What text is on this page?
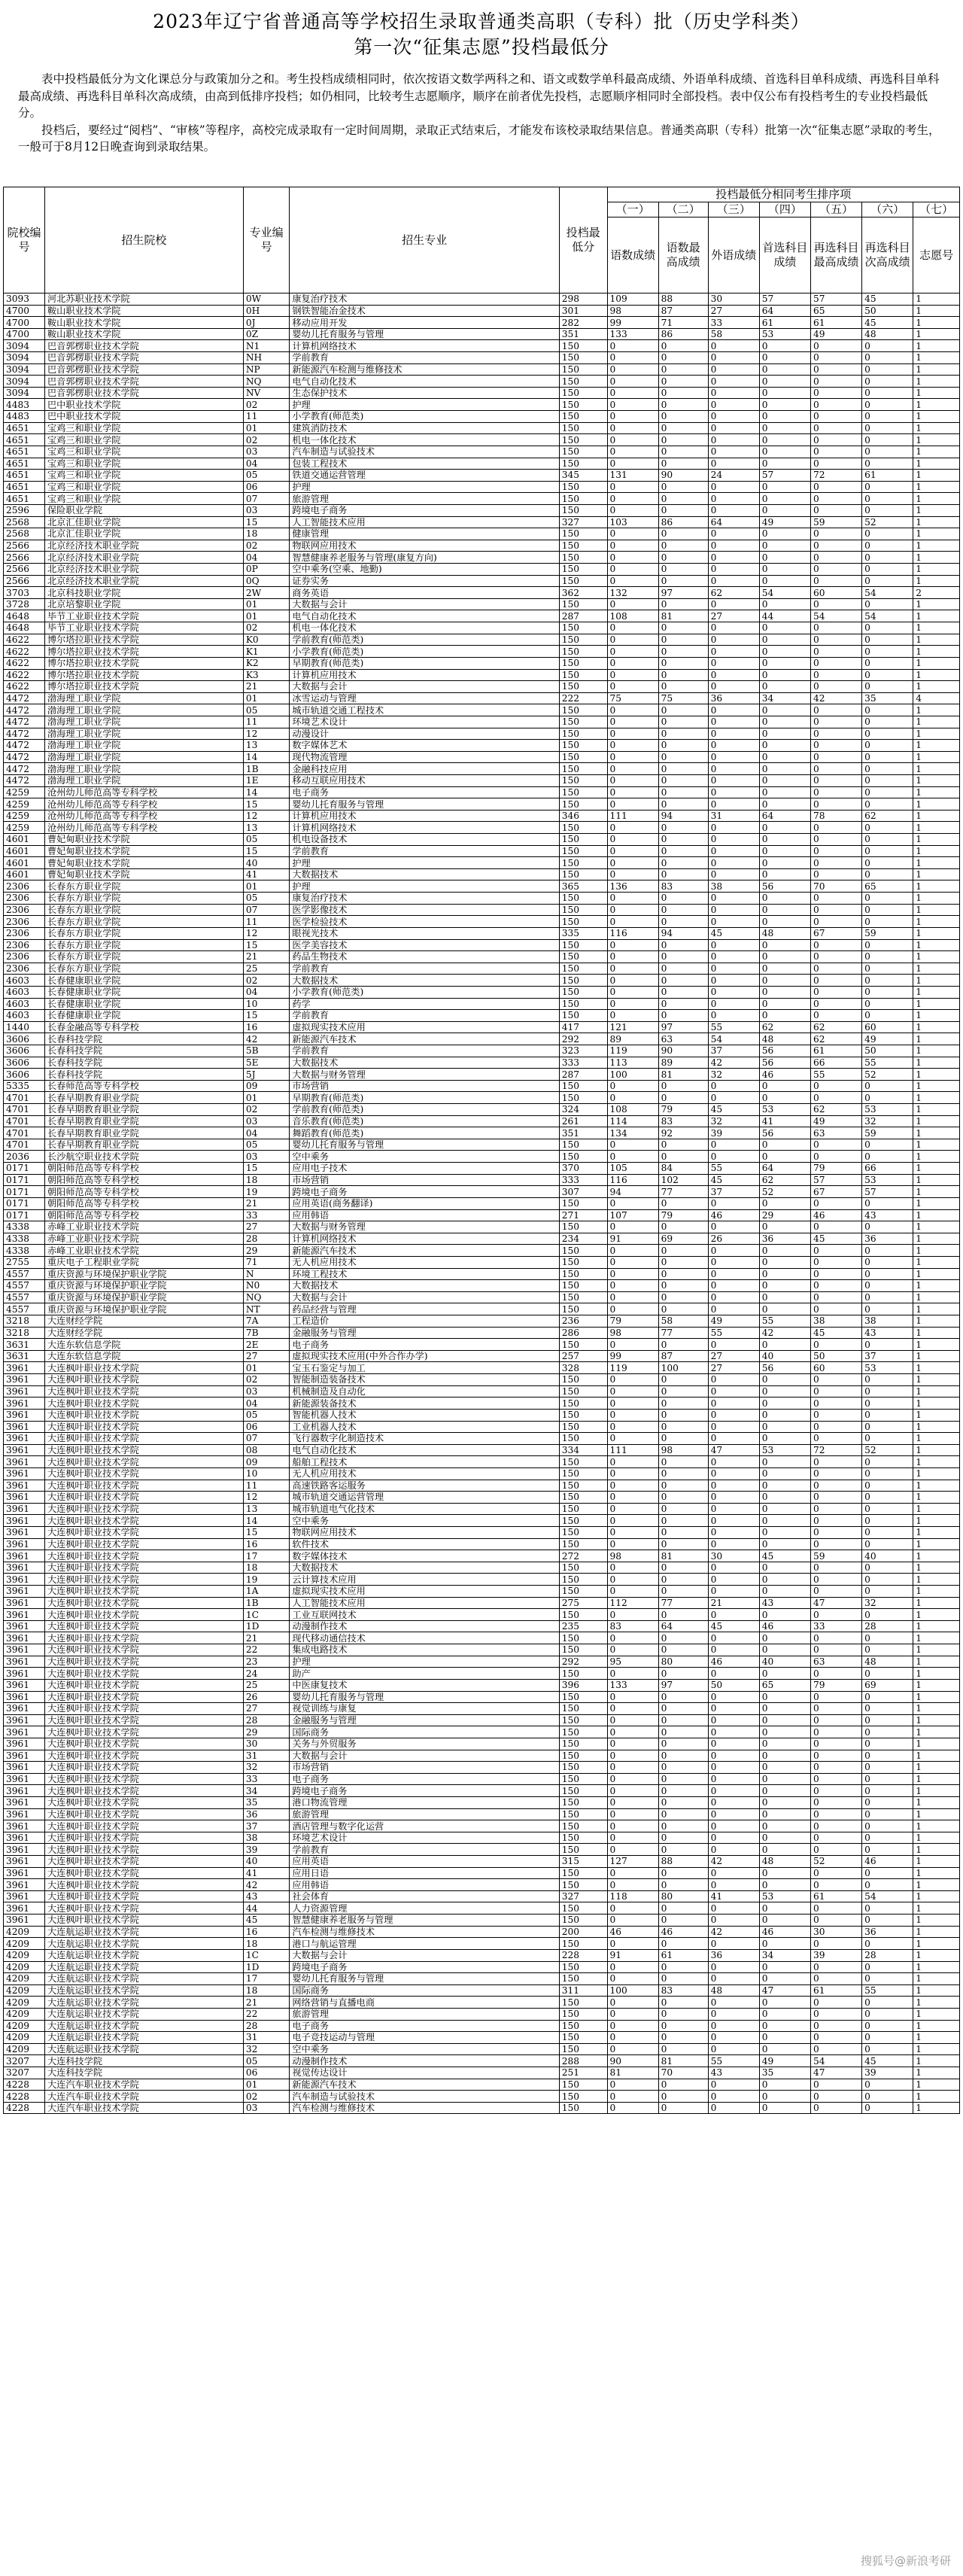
2023年辽宁省普通高等学校招生录取普通类高职（专科）批（历史学科类）
第一次“征集志愿”投档最低分

表中投档最低分为文化课总分与政策加分之和。考生投档成绩相同时，依次按语文数学两科之和、语文或数学单科最高成绩、外语单科成绩、首选科目单科成绩、再选科目单科最高成绩、再选科目单科次高成绩，由高到低排序投档；如仍相同，比较考生志愿顺序，顺序在前者优先投档，志愿顺序相同时全部投档。表中仅公布有投档考生的专业投档最低分。

投档后，要经过“阅档”、“审核”等程序，高校完成录取有一定时间周期，录取正式结束后，才能发布该校录取结果信息。普通类高职（专科）批第一次“征集志愿”录取的考生，一般可于8月12日晚查询到录取结果。

院校编号	招生院校	专业编号	招生专业	投档最低分	投档最低分相同考生排序项						
					（一）	（二）	（三）	（四）	（五）	（六）	（七）
					语数成绩	语数最高成绩	外语成绩	首选科目成绩	再选科目最高成绩	再选科目次高成绩	志愿号
3093	河北苏职业技术学院	0W	康复治疗技术	298	109	88	30	57	57	45	1
4700	鞍山职业技术学院	0H	钢铁智能冶金技术	301	98	87	27	64	65	50	1
4700	鞍山职业技术学院	0J	移动应用开发	282	99	71	33	61	61	45	1
4700	鞍山职业技术学院	0Z	婴幼儿托育服务与管理	351	133	86	58	53	49	48	1
3094	巴音郭楞职业技术学院	N1	计算机网络技术	150	0	0	0	0	0	0	1
3094	巴音郭楞职业技术学院	NH	学前教育	150	0	0	0	0	0	0	1
3094	巴音郭楞职业技术学院	NP	新能源汽车检测与维修技术	150	0	0	0	0	0	0	1
3094	巴音郭楞职业技术学院	NQ	电气自动化技术	150	0	0	0	0	0	0	1
3094	巴音郭楞职业技术学院	NV	生态保护技术	150	0	0	0	0	0	0	1
4483	巴中职业技术学院	02	护理	150	0	0	0	0	0	0	1
4483	巴中职业技术学院	11	小学教育(师范类)	150	0	0	0	0	0	0	1
4651	宝鸡三和职业学院	01	建筑消防技术	150	0	0	0	0	0	0	1
4651	宝鸡三和职业学院	02	机电一体化技术	150	0	0	0	0	0	0	1
4651	宝鸡三和职业学院	03	汽车制造与试验技术	150	0	0	0	0	0	0	1
4651	宝鸡三和职业学院	04	包装工程技术	150	0	0	0	0	0	0	1
4651	宝鸡三和职业学院	05	铁道交通运营管理	345	131	90	24	57	72	61	1
4651	宝鸡三和职业学院	06	护理	150	0	0	0	0	0	0	1
4651	宝鸡三和职业学院	07	旅游管理	150	0	0	0	0	0	0	1
2596	保险职业学院	03	跨境电子商务	150	0	0	0	0	0	0	1
2568	北京汇佳职业学院	15	人工智能技术应用	327	103	86	64	49	59	52	1
2568	北京汇佳职业学院	18	健康管理	150	0	0	0	0	0	0	1
2566	北京经济技术职业学院	02	物联网应用技术	150	0	0	0	0	0	0	1
2566	北京经济技术职业学院	04	智慧健康养老服务与管理(康复方向)	150	0	0	0	0	0	0	1
2566	北京经济技术职业学院	0P	空中乘务(空乘、地勤)	150	0	0	0	0	0	0	1
2566	北京经济技术职业学院	0Q	证券实务	150	0	0	0	0	0	0	1
3703	北京科技职业学院	2W	商务英语	362	132	97	62	54	60	54	2
3728	北京培黎职业学院	01	大数据与会计	150	0	0	0	0	0	0	1
4648	毕节工业职业技术学院	01	电气自动化技术	287	108	81	27	44	54	54	1
4648	毕节工业职业技术学院	02	机电一体化技术	150	0	0	0	0	0	0	1
4622	博尔塔拉职业技术学院	K0	学前教育(师范类)	150	0	0	0	0	0	0	1
4622	博尔塔拉职业技术学院	K1	小学教育(师范类)	150	0	0	0	0	0	0	1
4622	博尔塔拉职业技术学院	K2	早期教育(师范类)	150	0	0	0	0	0	0	1
4622	博尔塔拉职业技术学院	K3	计算机应用技术	150	0	0	0	0	0	0	1
4622	博尔塔拉职业技术学院	21	大数据与会计	150	0	0	0	0	0	0	1
4472	渤海理工职业学院	01	冰雪运动与管理	222	75	75	36	34	42	35	4
4472	渤海理工职业学院	05	城市轨道交通工程技术	150	0	0	0	0	0	0	1
4472	渤海理工职业学院	11	环境艺术设计	150	0	0	0	0	0	0	1
4472	渤海理工职业学院	12	动漫设计	150	0	0	0	0	0	0	1
4472	渤海理工职业学院	13	数字媒体艺术	150	0	0	0	0	0	0	1
4472	渤海理工职业学院	14	现代物流管理	150	0	0	0	0	0	0	1
4472	渤海理工职业学院	1B	金融科技应用	150	0	0	0	0	0	0	1
4472	渤海理工职业学院	1E	移动互联应用技术	150	0	0	0	0	0	0	1
4259	沧州幼儿师范高等专科学校	14	电子商务	150	0	0	0	0	0	0	1
4259	沧州幼儿师范高等专科学校	15	婴幼儿托育服务与管理	150	0	0	0	0	0	0	1
4259	沧州幼儿师范高等专科学校	12	计算机应用技术	346	111	94	31	64	78	62	1
4259	沧州幼儿师范高等专科学校	13	计算机网络技术	150	0	0	0	0	0	0	1
4601	曹妃甸职业技术学院	05	机电设备技术	150	0	0	0	0	0	0	1
4601	曹妃甸职业技术学院	15	学前教育	150	0	0	0	0	0	0	1
4601	曹妃甸职业技术学院	40	护理	150	0	0	0	0	0	0	1
4601	曹妃甸职业技术学院	41	大数据技术	150	0	0	0	0	0	0	1
2306	长春东方职业学院	01	护理	365	136	83	38	56	70	65	1
2306	长春东方职业学院	05	康复治疗技术	150	0	0	0	0	0	0	1
2306	长春东方职业学院	07	医学影像技术	150	0	0	0	0	0	0	1
2306	长春东方职业学院	11	医学检验技术	150	0	0	0	0	0	0	1
2306	长春东方职业学院	12	眼视光技术	335	116	94	45	48	67	59	1
2306	长春东方职业学院	15	医学美容技术	150	0	0	0	0	0	0	1
2306	长春东方职业学院	21	药品生物技术	150	0	0	0	0	0	0	1
2306	长春东方职业学院	25	学前教育	150	0	0	0	0	0	0	1
4603	长春健康职业学院	02	大数据技术	150	0	0	0	0	0	0	1
4603	长春健康职业学院	04	小学教育(师范类)	150	0	0	0	0	0	0	1
4603	长春健康职业学院	10	药学	150	0	0	0	0	0	0	1
4603	长春健康职业学院	15	学前教育	150	0	0	0	0	0	0	1
1440	长春金融高等专科学校	16	虚拟现实技术应用	417	121	97	55	62	62	60	1
3606	长春科技学院	42	新能源汽车技术	292	89	63	54	48	62	49	1
3606	长春科技学院	5B	学前教育	323	119	90	37	56	61	50	1
3606	长春科技学院	5E	大数据技术	333	113	89	42	56	66	55	1
3606	长春科技学院	5J	大数据与财务管理	287	100	81	32	46	55	52	1
5335	长春师范高等专科学校	09	市场营销	150	0	0	0	0	0	0	1
4701	长春早期教育职业学院	01	早期教育(师范类)	150	0	0	0	0	0	0	1
4701	长春早期教育职业学院	02	学前教育(师范类)	324	108	79	45	53	62	53	1
4701	长春早期教育职业学院	03	音乐教育(师范类)	261	114	83	32	41	49	32	1
4701	长春早期教育职业学院	04	舞蹈教育(师范类)	351	134	92	39	56	63	59	1
4701	长春早期教育职业学院	05	婴幼儿托育服务与管理	150	0	0	0	0	0	0	1
2036	长沙航空职业技术学院	03	空中乘务	150	0	0	0	0	0	0	1
0171	朝阳师范高等专科学校	15	应用电子技术	370	105	84	55	64	79	66	1
0171	朝阳师范高等专科学校	18	市场营销	333	116	102	45	62	57	53	1
0171	朝阳师范高等专科学校	19	跨境电子商务	307	94	77	37	52	67	57	1
0171	朝阳师范高等专科学校	21	应用英语(商务翻译)	150	0	0	0	0	0	0	1
0171	朝阳师范高等专科学校	33	应用韩语	271	107	79	46	29	46	43	1
4338	赤峰工业职业技术学院	27	大数据与财务管理	150	0	0	0	0	0	0	1
4338	赤峰工业职业技术学院	28	计算机网络技术	234	91	69	26	36	45	36	1
4338	赤峰工业职业技术学院	29	新能源汽车技术	150	0	0	0	0	0	0	1
2755	重庆电子工程职业学院	71	无人机应用技术	150	0	0	0	0	0	0	1
4557	重庆资源与环境保护职业学院	N	环境工程技术	150	0	0	0	0	0	0	1
4557	重庆资源与环境保护职业学院	N0	大数据技术	150	0	0	0	0	0	0	1
4557	重庆资源与环境保护职业学院	NQ	大数据与会计	150	0	0	0	0	0	0	1
4557	重庆资源与环境保护职业学院	NT	药品经营与管理	150	0	0	0	0	0	0	1
3218	大连财经学院	7A	工程造价	236	79	58	49	55	38	38	1
3218	大连财经学院	7B	金融服务与管理	286	98	77	55	42	45	43	1
3631	大连东软信息学院	2E	电子商务	150	0	0	0	0	0	0	1
3631	大连东软信息学院	27	虚拟现实技术应用(中外合作办学)	257	99	87	27	40	50	37	1
3961	大连枫叶职业技术学院	01	宝玉石鉴定与加工	328	119	100	27	56	60	53	1
3961	大连枫叶职业技术学院	02	智能制造装备技术	150	0	0	0	0	0	0	1
3961	大连枫叶职业技术学院	03	机械制造及自动化	150	0	0	0	0	0	0	1
3961	大连枫叶职业技术学院	04	新能源装备技术	150	0	0	0	0	0	0	1
3961	大连枫叶职业技术学院	05	智能机器人技术	150	0	0	0	0	0	0	1
3961	大连枫叶职业技术学院	06	工业机器人技术	150	0	0	0	0	0	0	1
3961	大连枫叶职业技术学院	07	飞行器数字化制造技术	150	0	0	0	0	0	0	1
3961	大连枫叶职业技术学院	08	电气自动化技术	334	111	98	47	53	72	52	1
3961	大连枫叶职业技术学院	09	船舶工程技术	150	0	0	0	0	0	0	1
3961	大连枫叶职业技术学院	10	无人机应用技术	150	0	0	0	0	0	0	1
3961	大连枫叶职业技术学院	11	高速铁路客运服务	150	0	0	0	0	0	0	1
3961	大连枫叶职业技术学院	12	城市轨道交通运营管理	150	0	0	0	0	0	0	1
3961	大连枫叶职业技术学院	13	城市轨道电气化技术	150	0	0	0	0	0	0	1
3961	大连枫叶职业技术学院	14	空中乘务	150	0	0	0	0	0	0	1
3961	大连枫叶职业技术学院	15	物联网应用技术	150	0	0	0	0	0	0	1
3961	大连枫叶职业技术学院	16	软件技术	150	0	0	0	0	0	0	1
3961	大连枫叶职业技术学院	17	数字媒体技术	272	98	81	30	45	59	40	1
3961	大连枫叶职业技术学院	18	大数据技术	150	0	0	0	0	0	0	1
3961	大连枫叶职业技术学院	19	云计算技术应用	150	0	0	0	0	0	0	1
3961	大连枫叶职业技术学院	1A	虚拟现实技术应用	150	0	0	0	0	0	0	1
3961	大连枫叶职业技术学院	1B	人工智能技术应用	275	112	77	21	43	47	32	1
3961	大连枫叶职业技术学院	1C	工业互联网技术	150	0	0	0	0	0	0	1
3961	大连枫叶职业技术学院	1D	动漫制作技术	235	83	64	45	46	33	28	1
3961	大连枫叶职业技术学院	21	现代移动通信技术	150	0	0	0	0	0	0	1
3961	大连枫叶职业技术学院	22	集成电路技术	150	0	0	0	0	0	0	1
3961	大连枫叶职业技术学院	23	护理	292	95	80	46	40	63	48	1
3961	大连枫叶职业技术学院	24	助产	150	0	0	0	0	0	0	1
3961	大连枫叶职业技术学院	25	中医康复技术	396	133	97	50	65	79	69	1
3961	大连枫叶职业技术学院	26	婴幼儿托育服务与管理	150	0	0	0	0	0	0	1
3961	大连枫叶职业技术学院	27	视觉训练与康复	150	0	0	0	0	0	0	1
3961	大连枫叶职业技术学院	28	金融服务与管理	150	0	0	0	0	0	0	1
3961	大连枫叶职业技术学院	29	国际商务	150	0	0	0	0	0	0	1
3961	大连枫叶职业技术学院	30	关务与外贸服务	150	0	0	0	0	0	0	1
3961	大连枫叶职业技术学院	31	大数据与会计	150	0	0	0	0	0	0	1
3961	大连枫叶职业技术学院	32	市场营销	150	0	0	0	0	0	0	1
3961	大连枫叶职业技术学院	33	电子商务	150	0	0	0	0	0	0	1
3961	大连枫叶职业技术学院	34	跨境电子商务	150	0	0	0	0	0	0	1
3961	大连枫叶职业技术学院	35	港口物流管理	150	0	0	0	0	0	0	1
3961	大连枫叶职业技术学院	36	旅游管理	150	0	0	0	0	0	0	1
3961	大连枫叶职业技术学院	37	酒店管理与数字化运营	150	0	0	0	0	0	0	1
3961	大连枫叶职业技术学院	38	环境艺术设计	150	0	0	0	0	0	0	1
3961	大连枫叶职业技术学院	39	学前教育	150	0	0	0	0	0	0	1
3961	大连枫叶职业技术学院	40	应用英语	315	127	88	42	48	52	46	1
3961	大连枫叶职业技术学院	41	应用日语	150	0	0	0	0	0	0	1
3961	大连枫叶职业技术学院	42	应用韩语	150	0	0	0	0	0	0	1
3961	大连枫叶职业技术学院	43	社会体育	327	118	80	41	53	61	54	1
3961	大连枫叶职业技术学院	44	人力资源管理	150	0	0	0	0	0	0	1
3961	大连枫叶职业技术学院	45	智慧健康养老服务与管理	150	0	0	0	0	0	0	1
4209	大连航运职业技术学院	16	汽车检测与维修技术	200	46	46	42	46	30	36	1
4209	大连航运职业技术学院	18	港口与航运管理	150	0	0	0	0	0	0	1
4209	大连航运职业技术学院	1C	大数据与会计	228	91	61	36	34	39	28	1
4209	大连航运职业技术学院	1D	跨境电子商务	150	0	0	0	0	0	0	1
4209	大连航运职业技术学院	17	婴幼儿托育服务与管理	150	0	0	0	0	0	0	1
4209	大连航运职业技术学院	18	国际商务	311	100	83	48	47	61	55	1
4209	大连航运职业技术学院	21	网络营销与直播电商	150	0	0	0	0	0	0	1
4209	大连航运职业技术学院	22	旅游管理	150	0	0	0	0	0	0	1
4209	大连航运职业技术学院	28	电子商务	150	0	0	0	0	0	0	1
4209	大连航运职业技术学院	31	电子竞技运动与管理	150	0	0	0	0	0	0	1
4209	大连航运职业技术学院	32	空中乘务	150	0	0	0	0	0	0	1
3207	大连科技学院	05	动漫制作技术	288	90	81	55	49	54	45	1
3207	大连科技学院	06	视觉传达设计	251	81	70	43	35	47	39	1
4228	大连汽车职业技术学院	01	新能源汽车技术	150	0	0	0	0	0	0	1
4228	大连汽车职业技术学院	02	汽车制造与试验技术	150	0	0	0	0	0	0	1
4228	大连汽车职业技术学院	03	汽车检测与维修技术	150	0	0	0	0	0	0	1
搜狐号@新浪考研
